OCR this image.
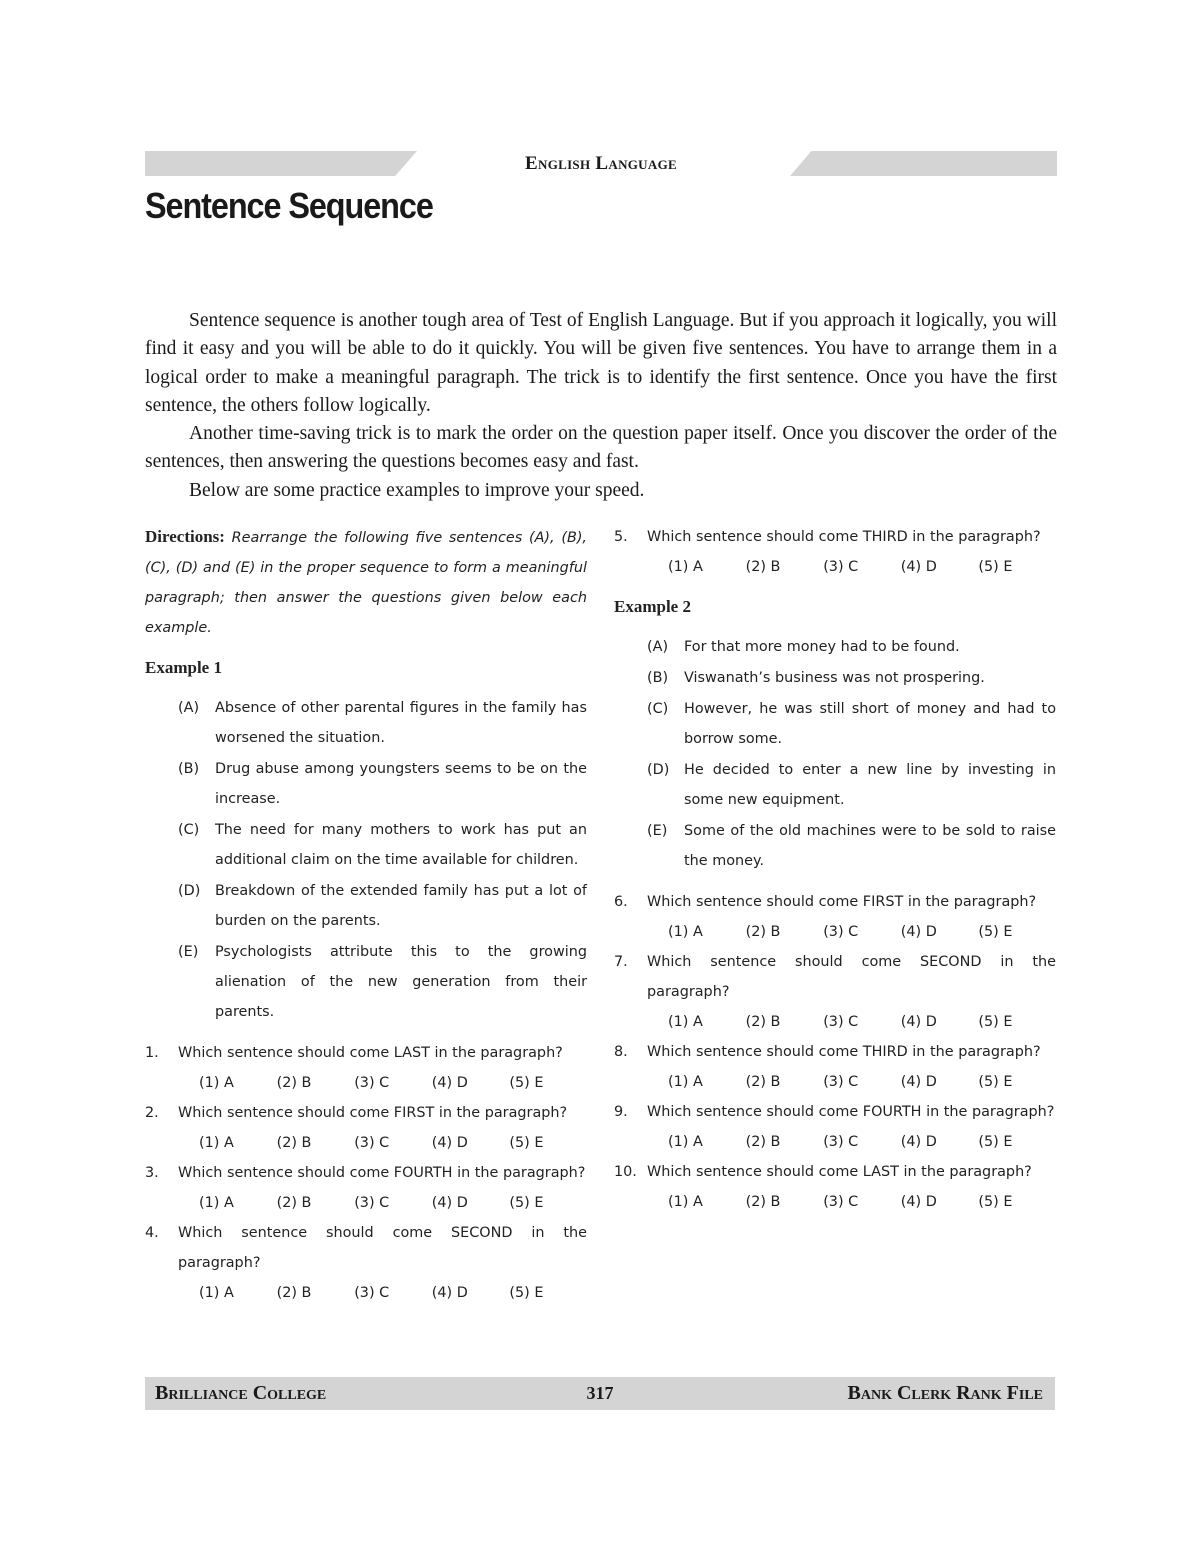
English Language
Sentence Sequence

Sentence sequence is another tough area of Test of English Language. But if you approach it logically, you will find it easy and you will be able to do it quickly. You will be given five sentences. You have to arrange them in a logical order to make a meaningful paragraph. The trick is to identify the first sentence. Once you have the first sentence, the others follow logically.

Another time-saving trick is to mark the order on the question paper itself. Once you discover the order of the sentences, then answering the questions becomes easy and fast.

Below are some practice examples to improve your speed.

Directions: Rearrange the following five sentences (A), (B), (C), (D) and (E) in the proper sequence to form a meaningful paragraph; then answer the questions given below each example.

Example 1

(A) Absence of other parental figures in the family has worsened the situation.
(B) Drug abuse among youngsters seems to be on the increase.
(C) The need for many mothers to work has put an additional claim on the time available for children.
(D) Breakdown of the extended family has put a lot of burden on the parents.
(E) Psychologists attribute this to the growing alienation of the new generation from their parents.
1. Which sentence should come LAST in the paragraph?
(1) A	(2) B	(3) C	(4) D	(5) E
2. Which sentence should come FIRST in the paragraph?
(1) A	(2) B	(3) C	(4) D	(5) E
3. Which sentence should come FOURTH in the paragraph?
(1) A	(2) B	(3) C	(4) D	(5) E
4. Which sentence should come SECOND in the paragraph?
(1) A	(2) B	(3) C	(4) D	(5) E
5. Which sentence should come THIRD in the paragraph?
(1) A	(2) B	(3) C	(4) D	(5) E

Example 2

(A) For that more money had to be found.
(B) Viswanath’s business was not prospering.
(C) However, he was still short of money and had to borrow some.
(D) He decided to enter a new line by investing in some new equipment.
(E) Some of the old machines were to be sold to raise the money.
6. Which sentence should come FIRST in the paragraph?
(1) A	(2) B	(3) C	(4) D	(5) E
7. Which sentence should come SECOND in the paragraph?
(1) A	(2) B	(3) C	(4) D	(5) E
8. Which sentence should come THIRD in the paragraph?
(1) A	(2) B	(3) C	(4) D	(5) E
9. Which sentence should come FOURTH in the paragraph?
(1) A	(2) B	(3) C	(4) D	(5) E
10. Which sentence should come LAST in the paragraph?
(1) A	(2) B	(3) C	(4) D	(5) E
317
Brilliance College	Bank Clerk Rank File
